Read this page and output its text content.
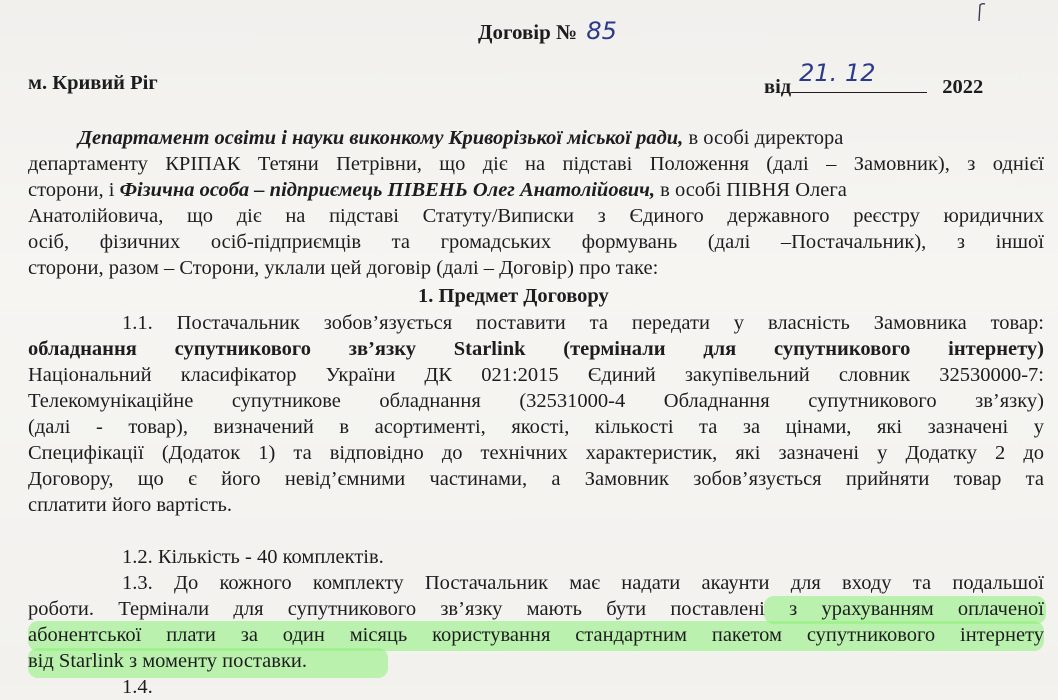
Договір № 85
м. Кривий Ріг	від 21. 12	2022
Департамент освіти і науки виконкому Криворізької міської ради, в особі директора
департаменту КРІПАК Тетяни Петрівни, що діє на підставі Положення (далі – Замовник), з однієї
сторони, і Фізична особа – підприємець ПІВЕНЬ Олег Анатолійович, в особі ПІВНЯ Олега
Анатолійовича, що діє на підставі Статуту/Виписки з Єдиного державного реєстру юридичних
осіб, фізичних осіб-підприємців та громадських формувань (далі –Постачальник), з іншої
сторони, разом – Сторони, уклали цей договір (далі – Договір) про таке:
1. Предмет Договору
1.1. Постачальник зобов’язується поставити та передати у власність Замовника товар:
обладнання супутникового зв’язку Starlink (термінали для супутникового інтернету)
Національний класифікатор України ДК 021:2015 Єдиний закупівельний словник 32530000-7:
Телекомунікаційне супутникове обладнання (32531000-4 Обладнання супутникового зв’язку)
(далі - товар), визначений в асортименті, якості, кількості та за цінами, які зазначені у
Специфікації (Додаток 1) та відповідно до технічних характеристик, які зазначені у Додатку 2 до
Договору, що є його невід’ємними частинами, а Замовник зобов’язується прийняти товар та
сплатити його вартість.
1.2. Кількість - 40 комплектів.
1.3. До кожного комплекту Постачальник має надати акаунти для входу та подальшої
роботи. Термінали для супутникового зв’язку мають бути поставлені з урахуванням оплаченої
абонентської плати за один місяць користування стандартним пакетом супутникового інтернету
від Starlink з моменту поставки.
1.4.
